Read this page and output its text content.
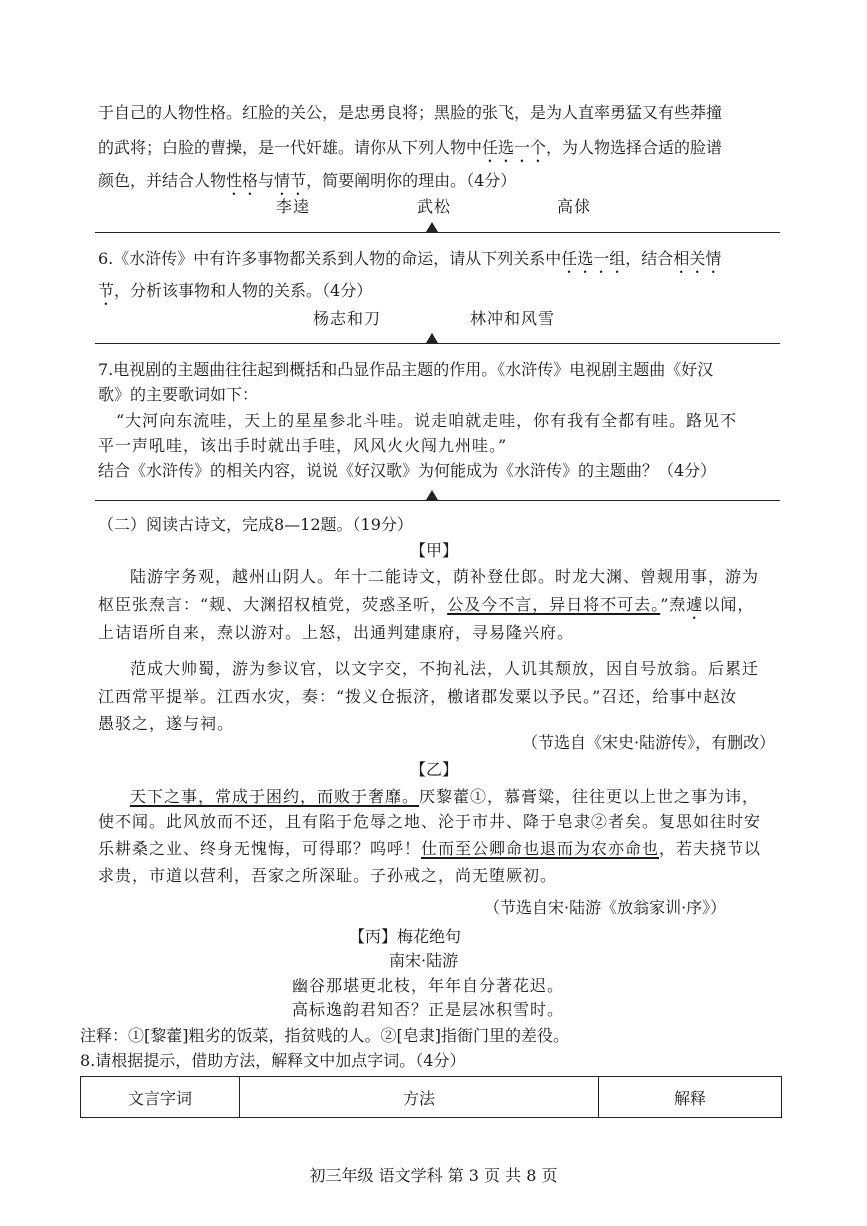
于自己的人物性格。红脸的关公，是忠勇良将；黑脸的张飞，是为人直率勇猛又有些莽撞
的武将；白脸的曹操，是一代奸雄。请你从下列人物中任选一个，为人物选择合适的脸谱
颜色，并结合人物性格与情节，简要阐明你的理由。（4分）
李逵	武松	高俅
6.《水浒传》中有许多事物都关系到人物的命运，请从下列关系中任选一组，结合相关情
节，分析该事物和人物的关系。（4分）
杨志和刀	林冲和风雪
7.电视剧的主题曲往往起到概括和凸显作品主题的作用。《水浒传》电视剧主题曲《好汉
歌》的主要歌词如下：
“大河向东流哇，天上的星星参北斗哇。说走咱就走哇，你有我有全都有哇。路见不
平一声吼哇，该出手时就出手哇，风风火火闯九州哇。”
结合《水浒传》的相关内容，说说《好汉歌》为何能成为《水浒传》的主题曲？（4分）
（二）阅读古诗文，完成8—12题。（19分）
【甲】
陆游字务观，越州山阴人。年十二能诗文，荫补登仕郎。时龙大渊、曾觌用事，游为
枢臣张焘言：“觌、大渊招权植党，荧惑圣听，公及今不言，异日将不可去。”焘遽以闻，
上诘语所自来，焘以游对。上怒，出通判建康府，寻易隆兴府。
范成大帅蜀，游为参议官，以文字交，不拘礼法，人讥其颓放，因自号放翁。后累迁
江西常平提举。江西水灾，奏：“拨义仓振济，檄诸郡发粟以予民。”召还，给事中赵汝
愚驳之，遂与祠。
（节选自《宋史·陆游传》，有删改）
【乙】
天下之事，常成于困约，而败于奢靡。厌黎藿①，慕膏粱，往往更以上世之事为讳，
使不闻。此风放而不还，且有陷于危辱之地、沦于市井、降于皂隶②者矣。复思如往时安
乐耕桑之业、终身无愧悔，可得耶？呜呼！仕而至公卿命也退而为农亦命也，若夫挠节以
求贵，市道以营利，吾家之所深耻。子孙戒之，尚无堕厥初。
（节选自宋·陆游《放翁家训·序》）
【丙】梅花绝句
南宋·陆游
幽谷那堪更北枝，年年自分著花迟。
高标逸韵君知否？正是层冰积雪时。
注释：①[黎藿]粗劣的饭菜，指贫贱的人。②[皂隶]指衙门里的差役。
8.请根据提示，借助方法，解释文中加点字词。（4分）
文言字词	方法	解释
初三年级 语文学科 第 3 页 共 8 页
